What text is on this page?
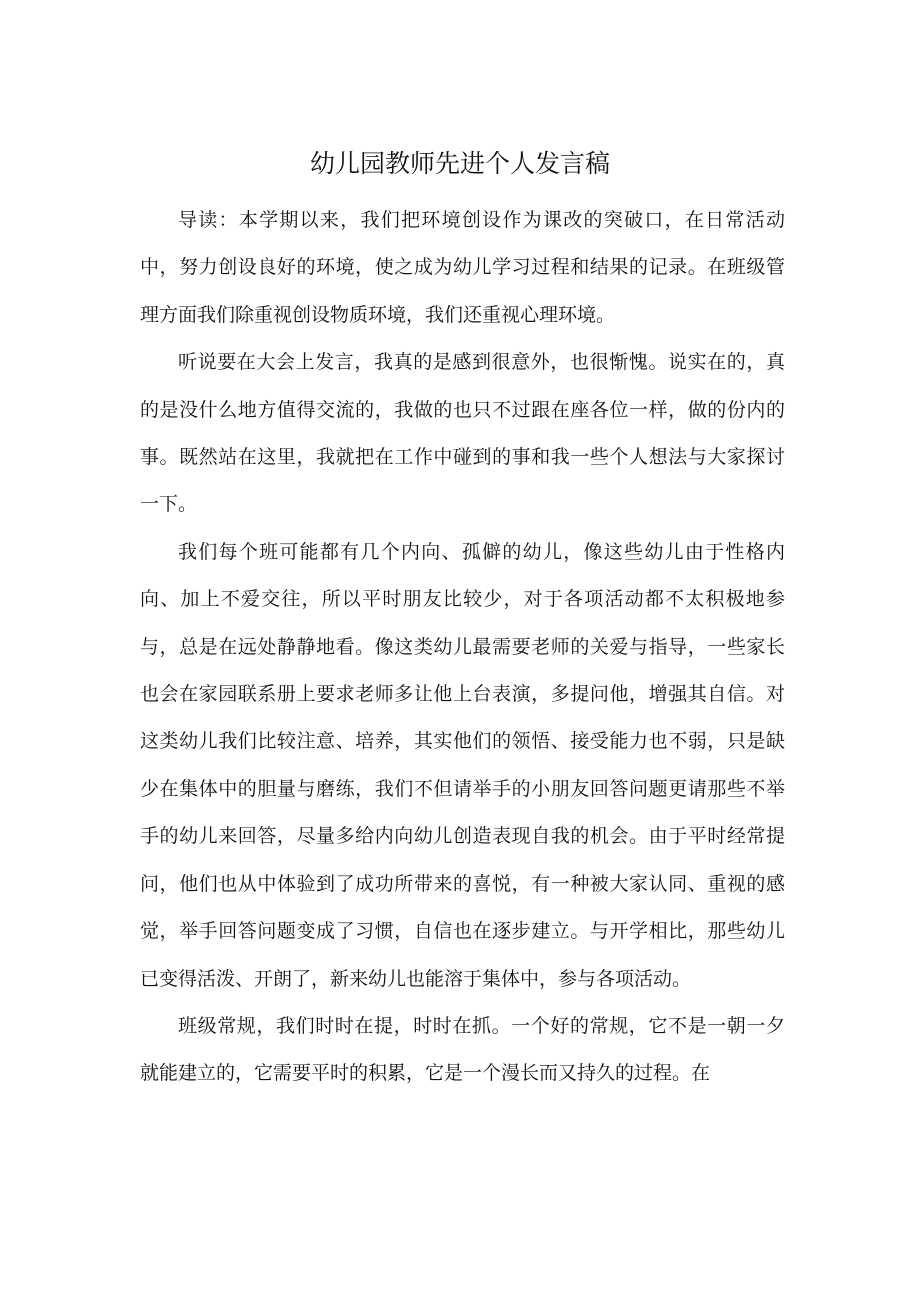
幼儿园教师先进个人发言稿

导读：本学期以来，我们把环境创设作为课改的突破口，在日常活动中，努力创设良好的环境，使之成为幼儿学习过程和结果的记录。在班级管理方面我们除重视创设物质环境，我们还重视心理环境。

听说要在大会上发言，我真的是感到很意外，也很惭愧。说实在的，真的是没什么地方值得交流的，我做的也只不过跟在座各位一样，做的份内的事。既然站在这里，我就把在工作中碰到的事和我一些个人想法与大家探讨一下。

我们每个班可能都有几个内向、孤僻的幼儿，像这些幼儿由于性格内向、加上不爱交往，所以平时朋友比较少，对于各项活动都不太积极地参与，总是在远处静静地看。像这类幼儿最需要老师的关爱与指导，一些家长也会在家园联系册上要求老师多让他上台表演，多提问他，增强其自信。对这类幼儿我们比较注意、培养，其实他们的领悟、接受能力也不弱，只是缺少在集体中的胆量与磨练，我们不但请举手的小朋友回答问题更请那些不举手的幼儿来回答，尽量多给内向幼儿创造表现自我的机会。由于平时经常提问，他们也从中体验到了成功所带来的喜悦，有一种被大家认同、重视的感觉，举手回答问题变成了习惯，自信也在逐步建立。与开学相比，那些幼儿已变得活泼、开朗了，新来幼儿也能溶于集体中，参与各项活动。

班级常规，我们时时在提，时时在抓。一个好的常规，它不是一朝一夕就能建立的，它需要平时的积累，它是一个漫长而又持久的过程。在
